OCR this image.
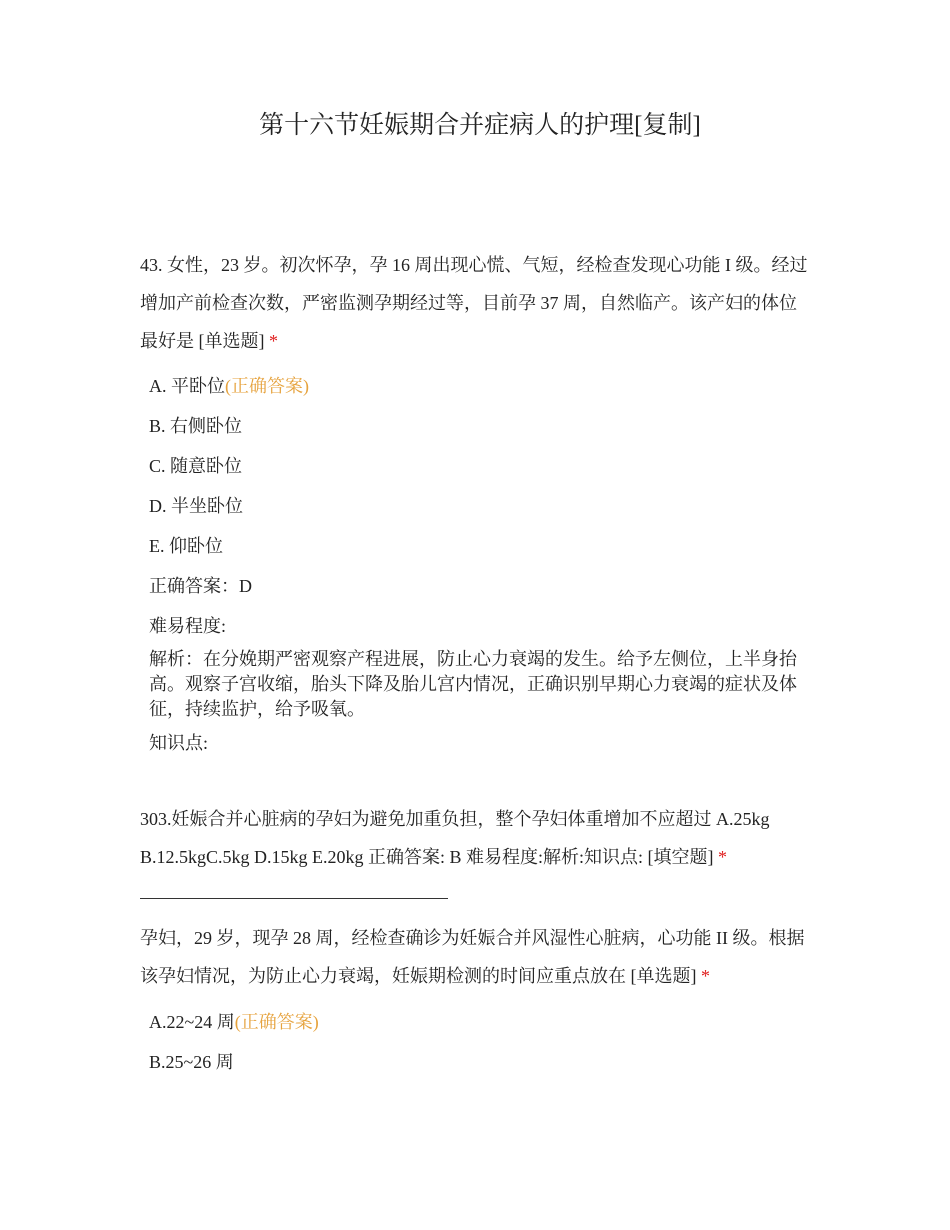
第十六节妊娠期合并症病人的护理[复制]
43. 女性，23 岁。初次怀孕，孕 16 周出现心慌、气短，经检查发现心功能 I 级。经过增加产前检查次数，严密监测孕期经过等，目前孕 37 周，自然临产。该产妇的体位最好是 [单选题] *
A. 平卧位(正确答案)
B. 右侧卧位
C. 随意卧位
D. 半坐卧位
E. 仰卧位
正确答案：D
难易程度:
解析：在分娩期严密观察产程进展，防止心力衰竭的发生。给予左侧位，上半身抬高。观察子宫收缩，胎头下降及胎儿宫内情况，正确识别早期心力衰竭的症状及体征，持续监护，给予吸氧。
知识点:
303.妊娠合并心脏病的孕妇为避免加重负担，整个孕妇体重增加不应超过 A.25kg B.12.5kgC.5kg D.15kg E.20kg 正确答案: B 难易程度:解析:知识点: [填空题] *
孕妇，29 岁，现孕 28 周，经检查确诊为妊娠合并风湿性心脏病，心功能 II 级。根据该孕妇情况，为防止心力衰竭，妊娠期检测的时间应重点放在 [单选题] *
A.22~24 周(正确答案)
B.25~26 周
